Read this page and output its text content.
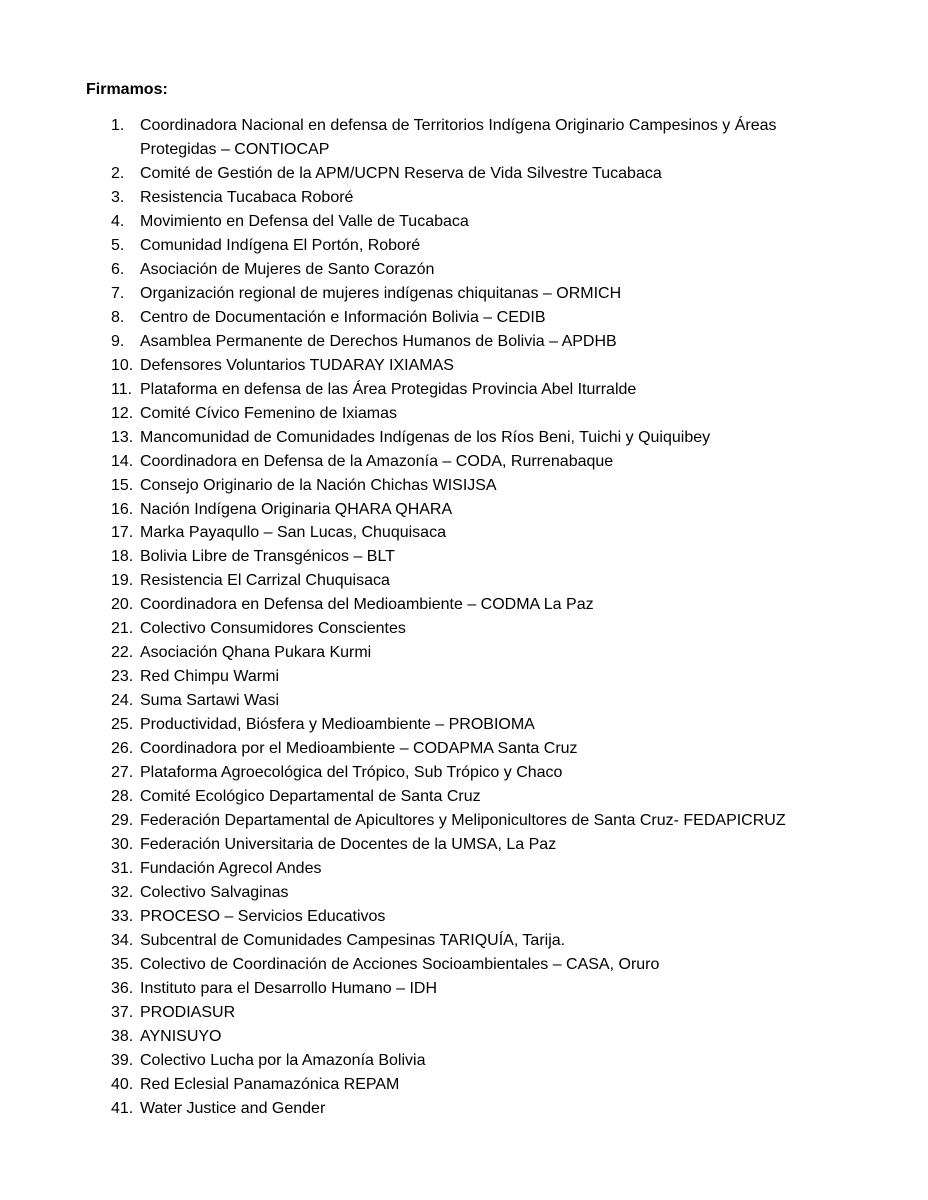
Firmamos:

1. Coordinadora Nacional en defensa de Territorios Indígena Originario Campesinos y Áreas Protegidas – CONTIOCAP
2. Comité de Gestión de la APM/UCPN Reserva de Vida Silvestre Tucabaca
3. Resistencia Tucabaca Roboré
4. Movimiento en Defensa del Valle de Tucabaca
5. Comunidad Indígena El Portón, Roboré
6. Asociación de Mujeres de Santo Corazón
7. Organización regional de mujeres indígenas chiquitanas – ORMICH
8. Centro de Documentación e Información Bolivia – CEDIB
9. Asamblea Permanente de Derechos Humanos de Bolivia – APDHB
10. Defensores Voluntarios TUDARAY IXIAMAS
11. Plataforma en defensa de las Área Protegidas Provincia Abel Iturralde
12. Comité Cívico Femenino de Ixiamas
13. Mancomunidad de Comunidades Indígenas de los Ríos Beni, Tuichi y Quiquibey
14. Coordinadora en Defensa de la Amazonía – CODA, Rurrenabaque
15. Consejo Originario de la Nación Chichas WISIJSA
16. Nación Indígena Originaria QHARA QHARA
17. Marka Payaqullo – San Lucas, Chuquisaca
18. Bolivia Libre de Transgénicos – BLT
19. Resistencia El Carrizal Chuquisaca
20. Coordinadora en Defensa del Medioambiente – CODMA La Paz
21. Colectivo Consumidores Conscientes
22. Asociación Qhana Pukara Kurmi
23. Red Chimpu Warmi
24. Suma Sartawi Wasi
25. Productividad, Biósfera y Medioambiente – PROBIOMA
26. Coordinadora por el Medioambiente – CODAPMA Santa Cruz
27. Plataforma Agroecológica del Trópico, Sub Trópico y Chaco
28. Comité Ecológico Departamental de Santa Cruz
29. Federación Departamental de Apicultores y Meliponicultores de Santa Cruz- FEDAPICRUZ
30. Federación Universitaria de Docentes de la UMSA, La Paz
31. Fundación Agrecol Andes
32. Colectivo Salvaginas
33. PROCESO – Servicios Educativos
34. Subcentral de Comunidades Campesinas TARIQUÍA, Tarija.
35. Colectivo de Coordinación de Acciones Socioambientales – CASA, Oruro
36. Instituto para el Desarrollo Humano – IDH
37. PRODIASUR
38. AYNISUYO
39. Colectivo Lucha por la Amazonía Bolivia
40. Red Eclesial Panamazónica REPAM
41. Water Justice and Gender
